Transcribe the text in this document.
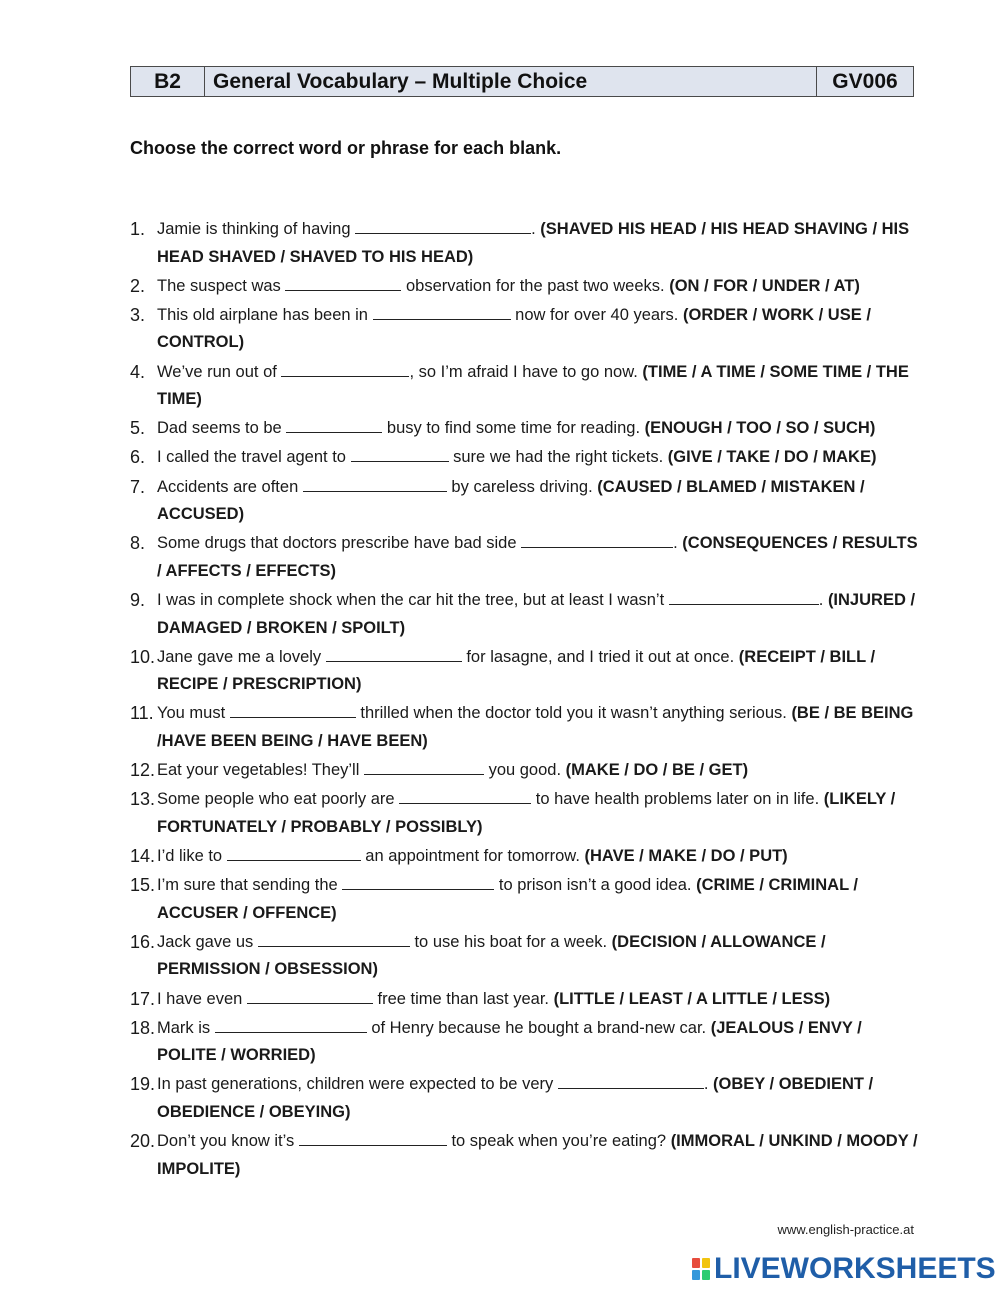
B2	General Vocabulary – Multiple Choice	GV006
Choose the correct word or phrase for each blank.
1. Jamie is thinking of having	. (SHAVED HIS HEAD / HIS HEAD SHAVING / HIS HEAD SHAVED / SHAVED TO HIS HEAD)
2. The suspect was	observation for the past two weeks. (ON / FOR / UNDER / AT)
3. This old airplane has been in	now for over 40 years. (ORDER / WORK / USE / CONTROL)
4. We’ve run out of	, so I’m afraid I have to go now. (TIME / A TIME / SOME TIME / THE TIME)
5. Dad seems to be	busy to find some time for reading. (ENOUGH / TOO / SO / SUCH)
6. I called the travel agent to	sure we had the right tickets. (GIVE / TAKE / DO / MAKE)
7. Accidents are often	by careless driving. (CAUSED / BLAMED / MISTAKEN / ACCUSED)
8. Some drugs that doctors prescribe have bad side	. (CONSEQUENCES / RESULTS / AFFECTS / EFFECTS)
9. I was in complete shock when the car hit the tree, but at least I wasn’t	. (INJURED / DAMAGED / BROKEN / SPOILT)
10. Jane gave me a lovely	for lasagne, and I tried it out at once. (RECEIPT / BILL / RECIPE / PRESCRIPTION)
11. You must	thrilled when the doctor told you it wasn’t anything serious. (BE / BE BEING /HAVE BEEN BEING / HAVE BEEN)
12. Eat your vegetables! They’ll	you good. (MAKE / DO / BE / GET)
13. Some people who eat poorly are	to have health problems later on in life. (LIKELY / FORTUNATELY / PROBABLY / POSSIBLY)
14. I’d like to	an appointment for tomorrow. (HAVE / MAKE / DO / PUT)
15. I’m sure that sending the	to prison isn’t a good idea. (CRIME / CRIMINAL / ACCUSER / OFFENCE)
16. Jack gave us	to use his boat for a week. (DECISION / ALLOWANCE / PERMISSION / OBSESSION)
17. I have even	free time than last year. (LITTLE / LEAST / A LITTLE / LESS)
18. Mark is	of Henry because he bought a brand-new car. (JEALOUS / ENVY / POLITE / WORRIED)
19. In past generations, children were expected to be very	. (OBEY / OBEDIENT / OBEDIENCE / OBEYING)
20. Don’t you know it’s	to speak when you’re eating? (IMMORAL / UNKIND / MOODY / IMPOLITE)
www.english-practice.at
LIVEWORKSHEETS
